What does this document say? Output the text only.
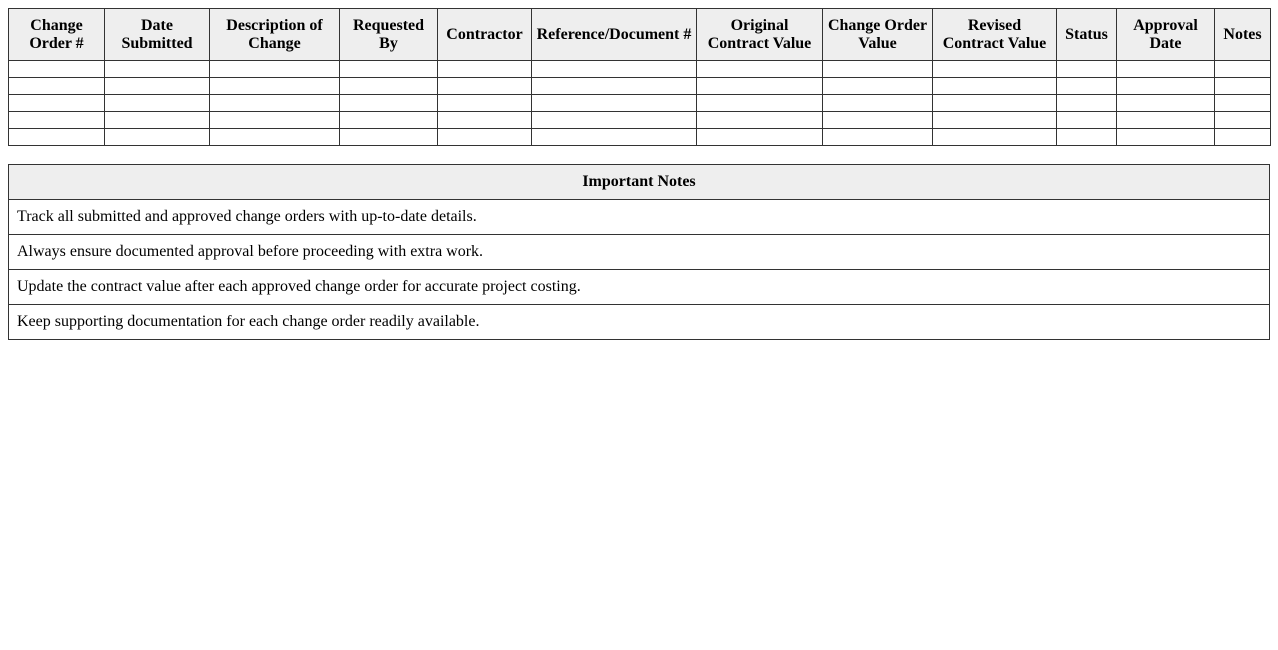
Change Order #	Date Submitted	Description of Change	Requested By	Contractor	Reference/Document #	Original Contract Value	Change Order Value	Revised Contract Value	Status	Approval Date	Notes

Important Notes
Track all submitted and approved change orders with up-to-date details.
Always ensure documented approval before proceeding with extra work.
Update the contract value after each approved change order for accurate project costing.
Keep supporting documentation for each change order readily available.
